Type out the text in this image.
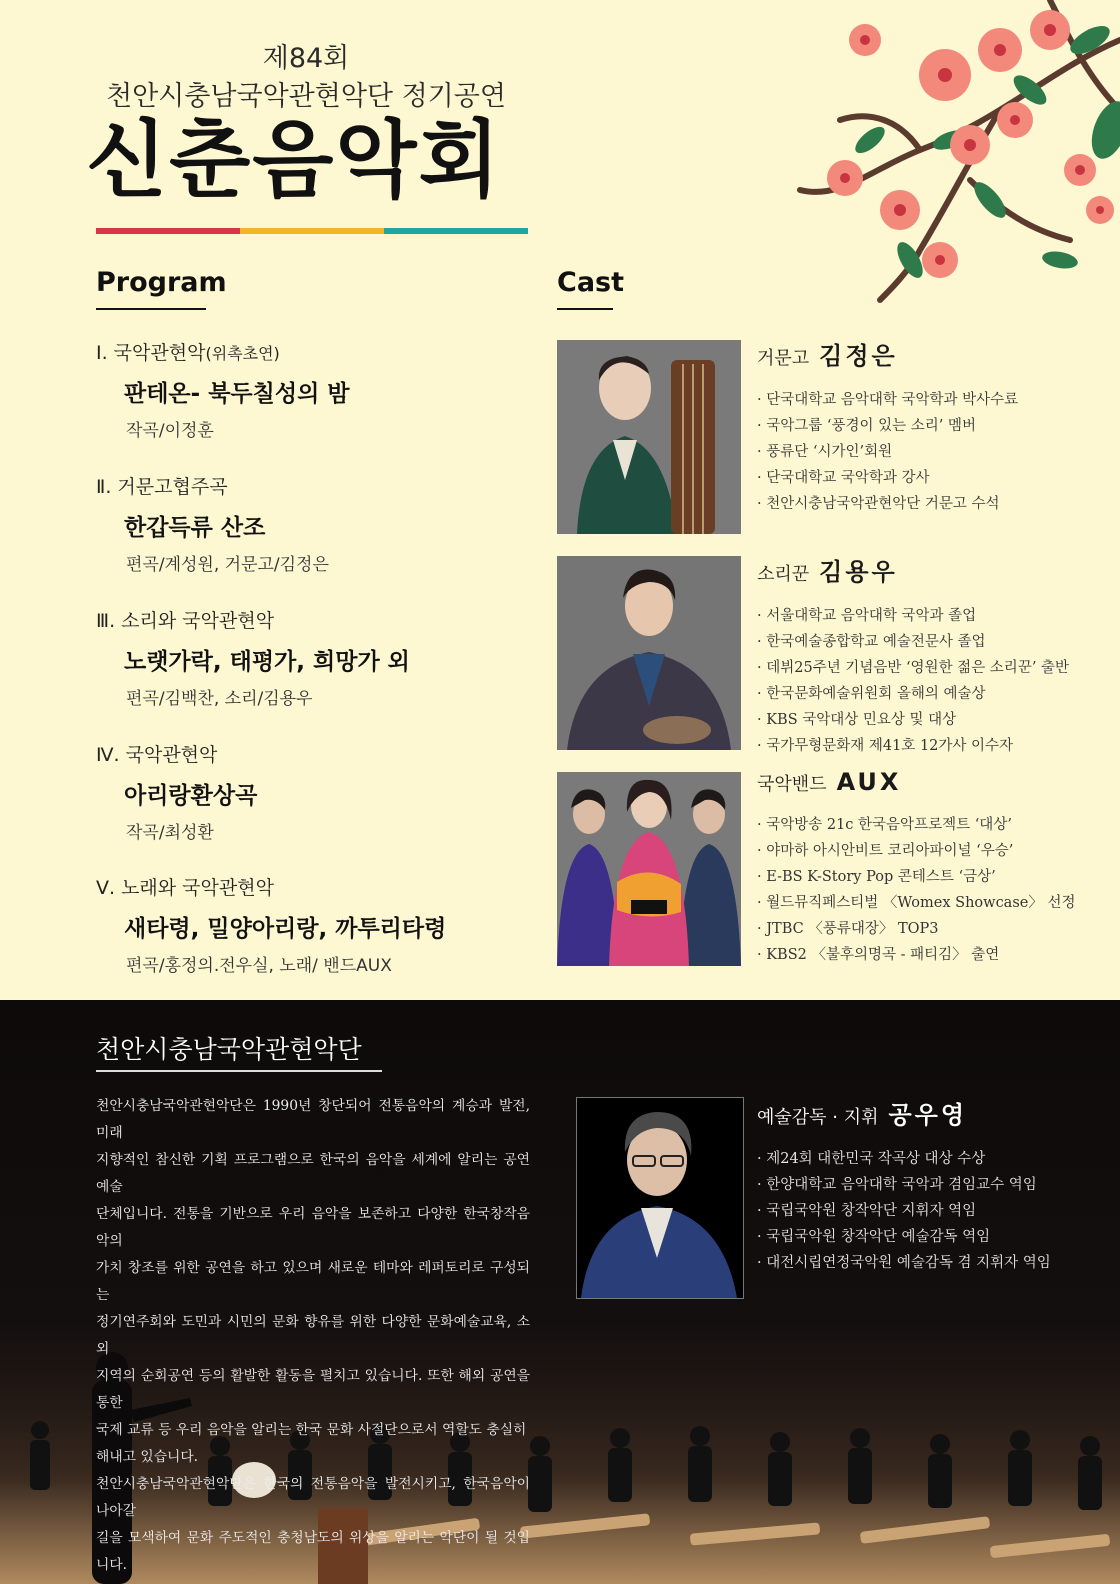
제84회
천안시충남국악관현악단 정기공연
신춘음악회
Program
Ⅰ. 국악관현악(위촉초연)
판테온- 북두칠성의 밤
작곡/이정훈
Ⅱ. 거문고협주곡
한갑득류 산조
편곡/계성원, 거문고/김정은
Ⅲ. 소리와 국악관현악
노랫가락, 태평가, 희망가 외
편곡/김백찬, 소리/김용우
Ⅳ. 국악관현악
아리랑환상곡
작곡/최성환
Ⅴ. 노래와 국악관현악
새타령, 밀양아리랑, 까투리타령
편곡/홍정의.전우실, 노래/ 밴드AUX
Cast
거문고 김정은
· 단국대학교 음악대학 국악학과 박사수료
· 국악그룹 ‘풍경이 있는 소리’ 멤버
· 풍류단 ‘시가인’회원
· 단국대학교 국악학과 강사
· 천안시충남국악관현악단 거문고 수석
소리꾼 김용우
· 서울대학교 음악대학 국악과 졸업
· 한국예술종합학교 예술전문사 졸업
· 데뷔25주년 기념음반 ‘영원한 젊은 소리꾼’ 출반
· 한국문화예술위원회 올해의 예술상
· KBS 국악대상 민요상 및 대상
· 국가무형문화재 제41호 12가사 이수자
국악밴드 AUX
· 국악방송 21c 한국음악프로젝트 ‘대상’
· 야마하 아시안비트 코리아파이널 ‘우승’
· E-BS K-Story Pop 콘테스트 ‘금상’
· 월드뮤직페스티벌 〈Womex Showcase〉 선정
· JTBC 〈풍류대장〉 TOP3
· KBS2 〈불후의명곡 - 패티김〉 출연
천안시충남국악관현악단
천안시충남국악관현악단은 1990년 창단되어 전통음악의 계승과 발전, 미래
지향적인 참신한 기획 프로그램으로 한국의 음악을 세계에 알리는 공연 예술
단체입니다. 전통을 기반으로 우리 음악을 보존하고 다양한 한국창작음악의
가치 창조를 위한 공연을 하고 있으며 새로운 테마와 레퍼토리로 구성되는
정기연주회와 도민과 시민의 문화 향유를 위한 다양한 문화예술교육, 소외
지역의 순회공연 등의 활발한 활동을 펼치고 있습니다. 또한 해외 공연을 통한
국제 교류 등 우리 음악을 알리는 한국 문화 사절단으로서 역할도 충실히
해내고 있습니다.
천안시충남국악관현악단은 한국의 전통음악을 발전시키고, 한국음악이 나아갈
길을 모색하여 문화 주도적인 충청남도의 위상을 알리는 악단이 될 것입니다.
예술감독 · 지휘 공우영
· 제24회 대한민국 작곡상 대상 수상
· 한양대학교 음악대학 국악과 겸임교수 역임
· 국립국악원 창작악단 지휘자 역임
· 국립국악원 창작악단 예술감독 역임
· 대전시립연정국악원 예술감독 겸 지휘자 역임
